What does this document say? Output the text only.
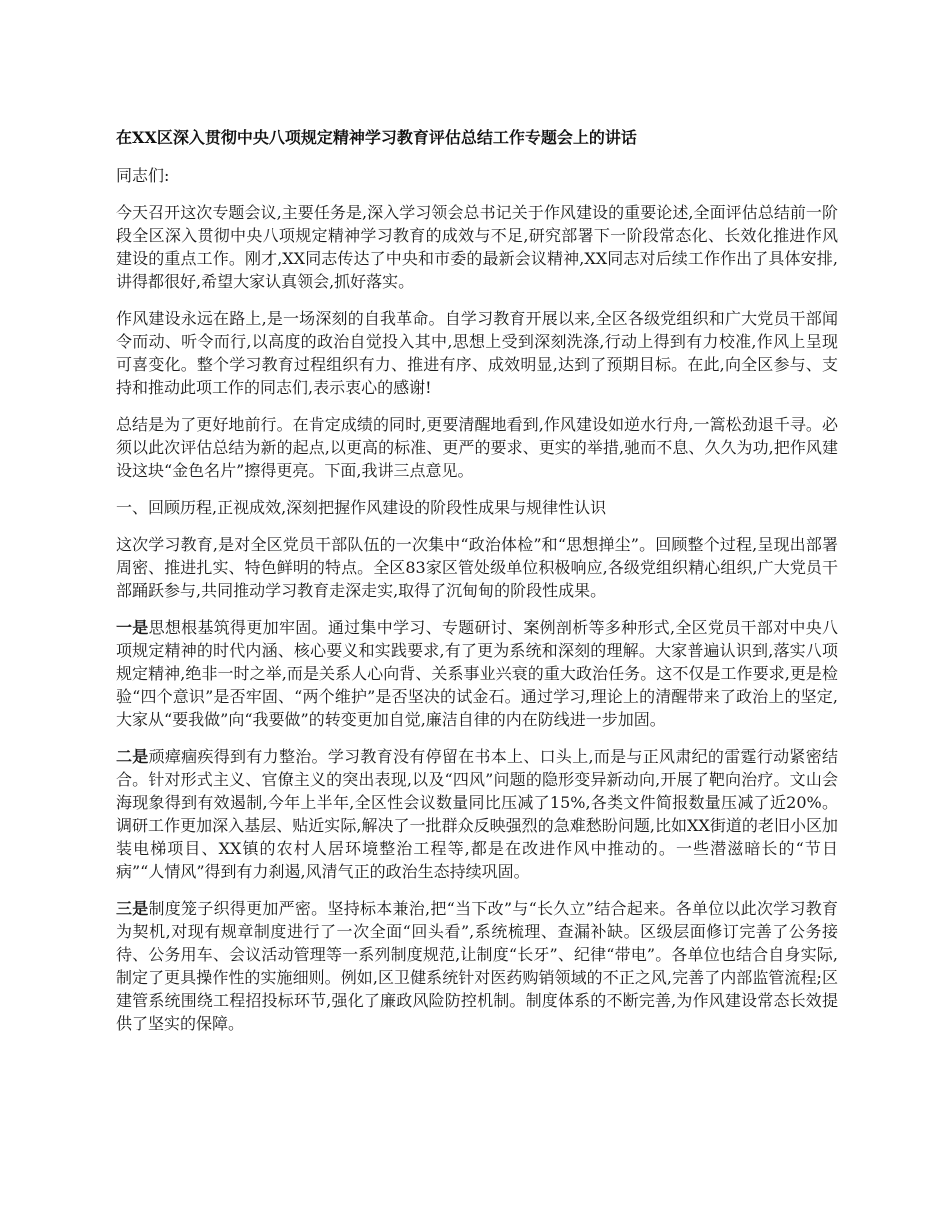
在XX区深入贯彻中央八项规定精神学习教育评估总结工作专题会上的讲话
同志们:

今天召开这次专题会议,主要任务是,深入学习领会总书记关于作风建设的重要论述,全面评估总结前一阶段全区深入贯彻中央八项规定精神学习教育的成效与不足,研究部署下一阶段常态化、长效化推进作风建设的重点工作。刚才,XX同志传达了中央和市委的最新会议精神,XX同志对后续工作作出了具体安排,讲得都很好,希望大家认真领会,抓好落实。

作风建设永远在路上,是一场深刻的自我革命。自学习教育开展以来,全区各级党组织和广大党员干部闻令而动、听令而行,以高度的政治自觉投入其中,思想上受到深刻洗涤,行动上得到有力校准,作风上呈现可喜变化。整个学习教育过程组织有力、推进有序、成效明显,达到了预期目标。在此,向全区参与、支持和推动此项工作的同志们,表示衷心的感谢!

总结是为了更好地前行。在肯定成绩的同时,更要清醒地看到,作风建设如逆水行舟,一篙松劲退千寻。必须以此次评估总结为新的起点,以更高的标准、更严的要求、更实的举措,驰而不息、久久为功,把作风建设这块“金色名片”擦得更亮。下面,我讲三点意见。

一、回顾历程,正视成效,深刻把握作风建设的阶段性成果与规律性认识

这次学习教育,是对全区党员干部队伍的一次集中“政治体检”和“思想掸尘”。回顾整个过程,呈现出部署周密、推进扎实、特色鲜明的特点。全区83家区管处级单位积极响应,各级党组织精心组织,广大党员干部踊跃参与,共同推动学习教育走深走实,取得了沉甸甸的阶段性成果。

一是思想根基筑得更加牢固。通过集中学习、专题研讨、案例剖析等多种形式,全区党员干部对中央八项规定精神的时代内涵、核心要义和实践要求,有了更为系统和深刻的理解。大家普遍认识到,落实八项规定精神,绝非一时之举,而是关系人心向背、关系事业兴衰的重大政治任务。这不仅是工作要求,更是检验“四个意识”是否牢固、“两个维护”是否坚决的试金石。通过学习,理论上的清醒带来了政治上的坚定,大家从“要我做”向“我要做”的转变更加自觉,廉洁自律的内在防线进一步加固。

二是顽瘴痼疾得到有力整治。学习教育没有停留在书本上、口头上,而是与正风肃纪的雷霆行动紧密结合。针对形式主义、官僚主义的突出表现,以及“四风”问题的隐形变异新动向,开展了靶向治疗。文山会海现象得到有效遏制,今年上半年,全区性会议数量同比压减了15%,各类文件简报数量压减了近20%。调研工作更加深入基层、贴近实际,解决了一批群众反映强烈的急难愁盼问题,比如XX街道的老旧小区加装电梯项目、XX镇的农村人居环境整治工程等,都是在改进作风中推动的。一些潜滋暗长的“节日病”“人情风”得到有力刹遏,风清气正的政治生态持续巩固。

三是制度笼子织得更加严密。坚持标本兼治,把“当下改”与“长久立”结合起来。各单位以此次学习教育为契机,对现有规章制度进行了一次全面“回头看”,系统梳理、查漏补缺。区级层面修订完善了公务接待、公务用车、会议活动管理等一系列制度规范,让制度“长牙”、纪律“带电”。各单位也结合自身实际,制定了更具操作性的实施细则。例如,区卫健系统针对医药购销领域的不正之风,完善了内部监管流程;区建管系统围绕工程招投标环节,强化了廉政风险防控机制。制度体系的不断完善,为作风建设常态长效提供了坚实的保障。
